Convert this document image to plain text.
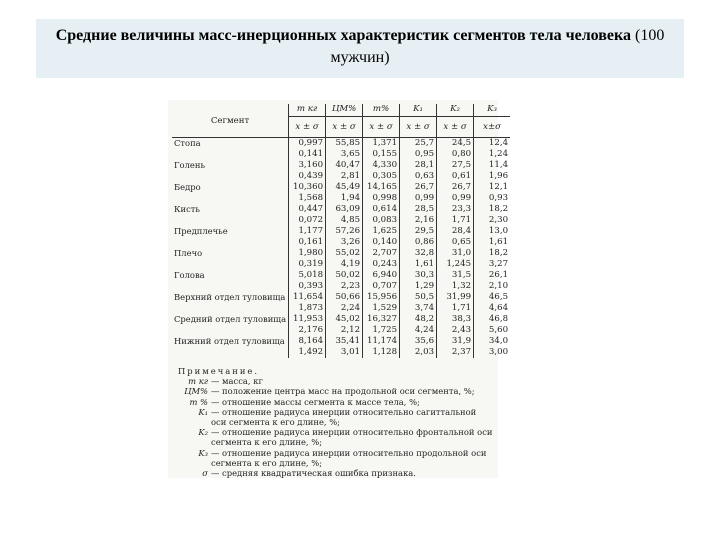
Средние величины масс-инерционных характеристик сегментов тела человека (100 мужчин)
Сегмент	m кг	ЦМ%	m%	K₁	K₂	K₃
	x ± σ	x ± σ	x ± σ	x ± σ	x ± σ	x±σ
Стопа	0,997	55,85	1,371	25,7	24,5	12,4
	0,141	3,65	0,155	0,95	0,80	1,24
Голень	3,160	40,47	4,330	28,1	27,5	11,4
	0,439	2,81	0,305	0,63	0,61	1,96
Бедро	10,360	45,49	14,165	26,7	26,7	12,1
	1,568	1,94	0,998	0,99	0,99	0,93
Кисть	0,447	63,09	0,614	28,5	23,3	18,2
	0,072	4,85	0,083	2,16	1,71	2,30
Предплечье	1,177	57,26	1,625	29,5	28,4	13,0
	0,161	3,26	0,140	0,86	0,65	1,61
Плечо	1,980	55,02	2,707	32,8	31,0	18,2
	0,319	4,19	0,243	1,61	1,245	3,27
Голова	5,018	50,02	6,940	30,3	31,5	26,1
	0,393	2,23	0,707	1,29	1,32	2,10
Верхний отдел туловища	11,654	50,66	15,956	50,5	31,99	46,5
	1,873	2,24	1,529	3,74	1,71	4,64
Средний отдел туловища	11,953	45,02	16,327	48,2	38,3	46,8
	2,176	2,12	1,725	4,24	2,43	5,60
Нижний отдел туловища	8,164	35,41	11,174	35,6	31,9	34,0
	1,492	3,01	1,128	2,03	2,37	3,00
Примечание.
m кг — масса, кг
ЦМ% — положение центра масс на продольной оси сегмента, %;
m % — отношение массы сегмента к массе тела, %;
K₁ — отношение радиуса инерции относительно сагиттальной оси сегмента к его длине, %;
K₂ — отношение радиуса инерции относительно фронтальной оси сегмента к его длине, %;
K₃ — отношение радиуса инерции относительно продольной оси сегмента к его длине, %;
σ — средняя квадратическая ошибка признака.
